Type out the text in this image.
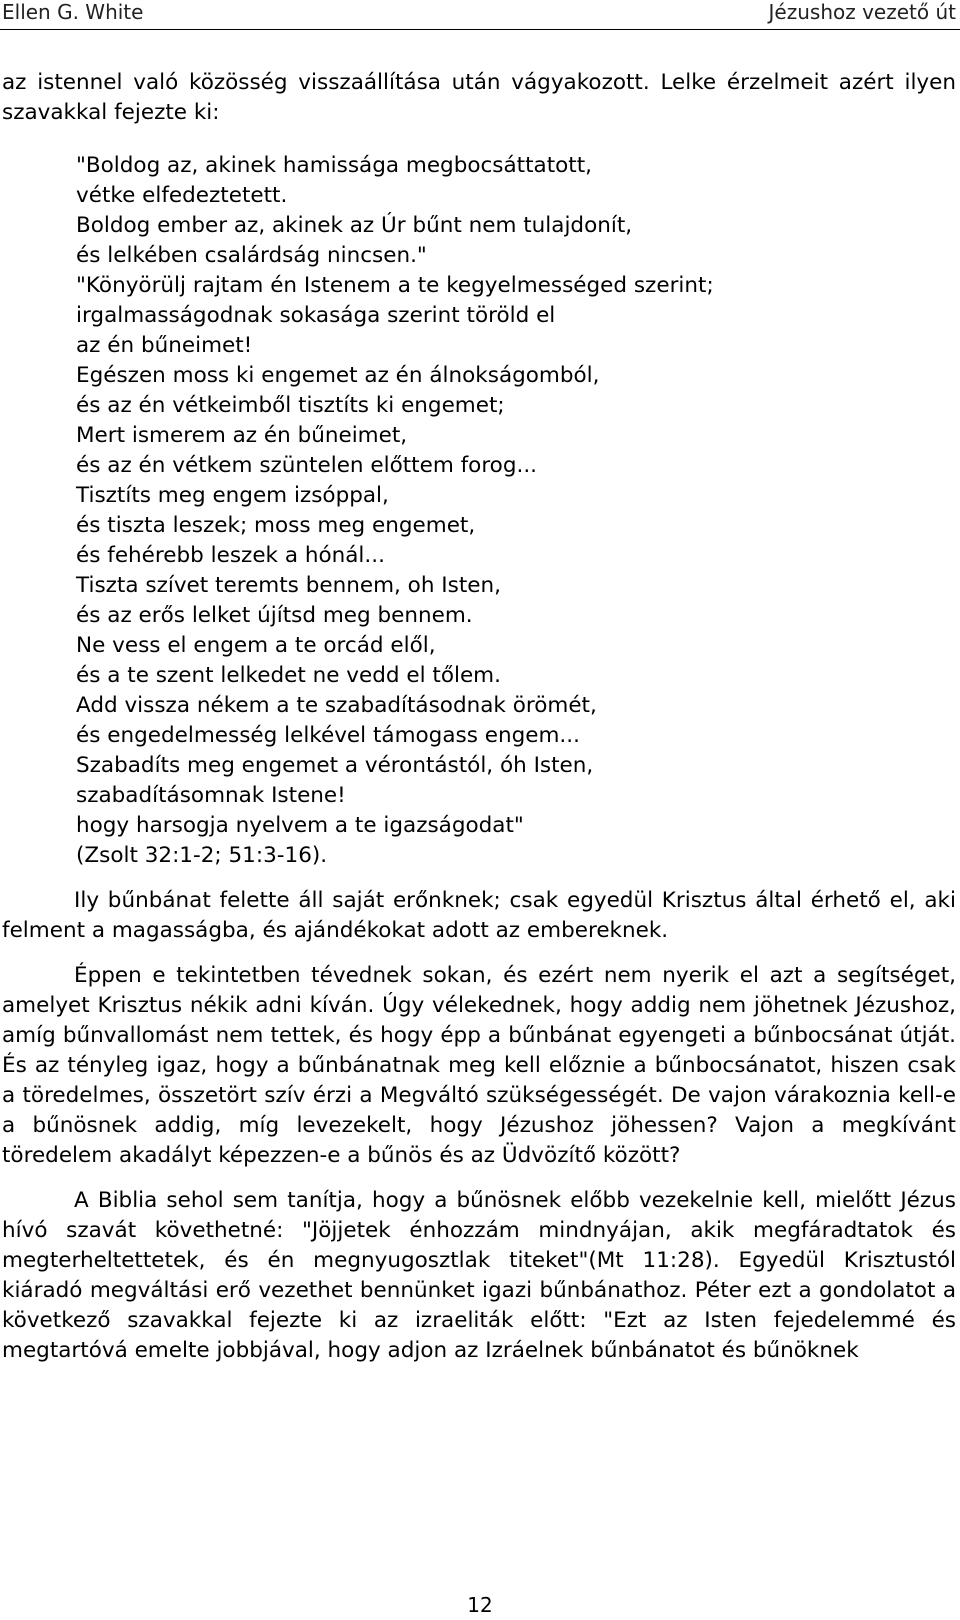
Ellen G. White	Jézushoz vezető út

az istennel való közösség visszaállítása után vágyakozott. Lelke érzelmeit azért ilyen szavakkal fejezte ki:

"Boldog az, akinek hamissága megbocsáttatott,
vétke elfedeztetett.
Boldog ember az, akinek az Úr bűnt nem tulajdonít,
és lelkében csalárdság nincsen."
"Könyörülj rajtam én Istenem a te kegyelmességed szerint;
irgalmasságodnak sokasága szerint töröld el
az én bűneimet!
Egészen moss ki engemet az én álnokságomból,
és az én vétkeimből tisztíts ki engemet;
Mert ismerem az én bűneimet,
és az én vétkem szüntelen előttem forog...
Tisztíts meg engem izsóppal,
és tiszta leszek; moss meg engemet,
és fehérebb leszek a hónál...
Tiszta szívet teremts bennem, oh Isten,
és az erős lelket újítsd meg bennem.
Ne vess el engem a te orcád elől,
és a te szent lelkedet ne vedd el tőlem.
Add vissza nékem a te szabadításodnak örömét,
és engedelmesség lelkével támogass engem...
Szabadíts meg engemet a vérontástól, óh Isten,
szabadításomnak Istene!
hogy harsogja nyelvem a te igazságodat"
(Zsolt 32:1-2; 51:3-16).

Ily bűnbánat felette áll saját erőnknek; csak egyedül Krisztus által érhető el, aki felment a magasságba, és ajándékokat adott az embereknek.

Éppen e tekintetben tévednek sokan, és ezért nem nyerik el azt a segítséget, amelyet Krisztus nékik adni kíván. Úgy vélekednek, hogy addig nem jöhetnek Jézushoz, amíg bűnvallomást nem tettek, és hogy épp a bűnbánat egyengeti a bűnbocsánat útját. És az tényleg igaz, hogy a bűnbánatnak meg kell előznie a bűnbocsánatot, hiszen csak a töredelmes, összetört szív érzi a Megváltó szükségességét. De vajon várakoznia kell-e a bűnösnek addig, míg levezekelt, hogy Jézushoz jöhessen? Vajon a megkívánt töredelem akadályt képezzen-e a bűnös és az Üdvözítő között?

A Biblia sehol sem tanítja, hogy a bűnösnek előbb vezekelnie kell, mielőtt Jézus hívó szavát követhetné: "Jöjjetek énhozzám mindnyájan, akik megfáradtatok és megterheltettetek, és én megnyugosztlak titeket"(Mt 11:28). Egyedül Krisztustól kiáradó megváltási erő vezethet bennünket igazi bűnbánathoz. Péter ezt a gondolatot a következő szavakkal fejezte ki az izraeliták előtt: "Ezt az Isten fejedelemmé és megtartóvá emelte jobbjával, hogy adjon az Izráelnek bűnbánatot és bűnöknek

12
